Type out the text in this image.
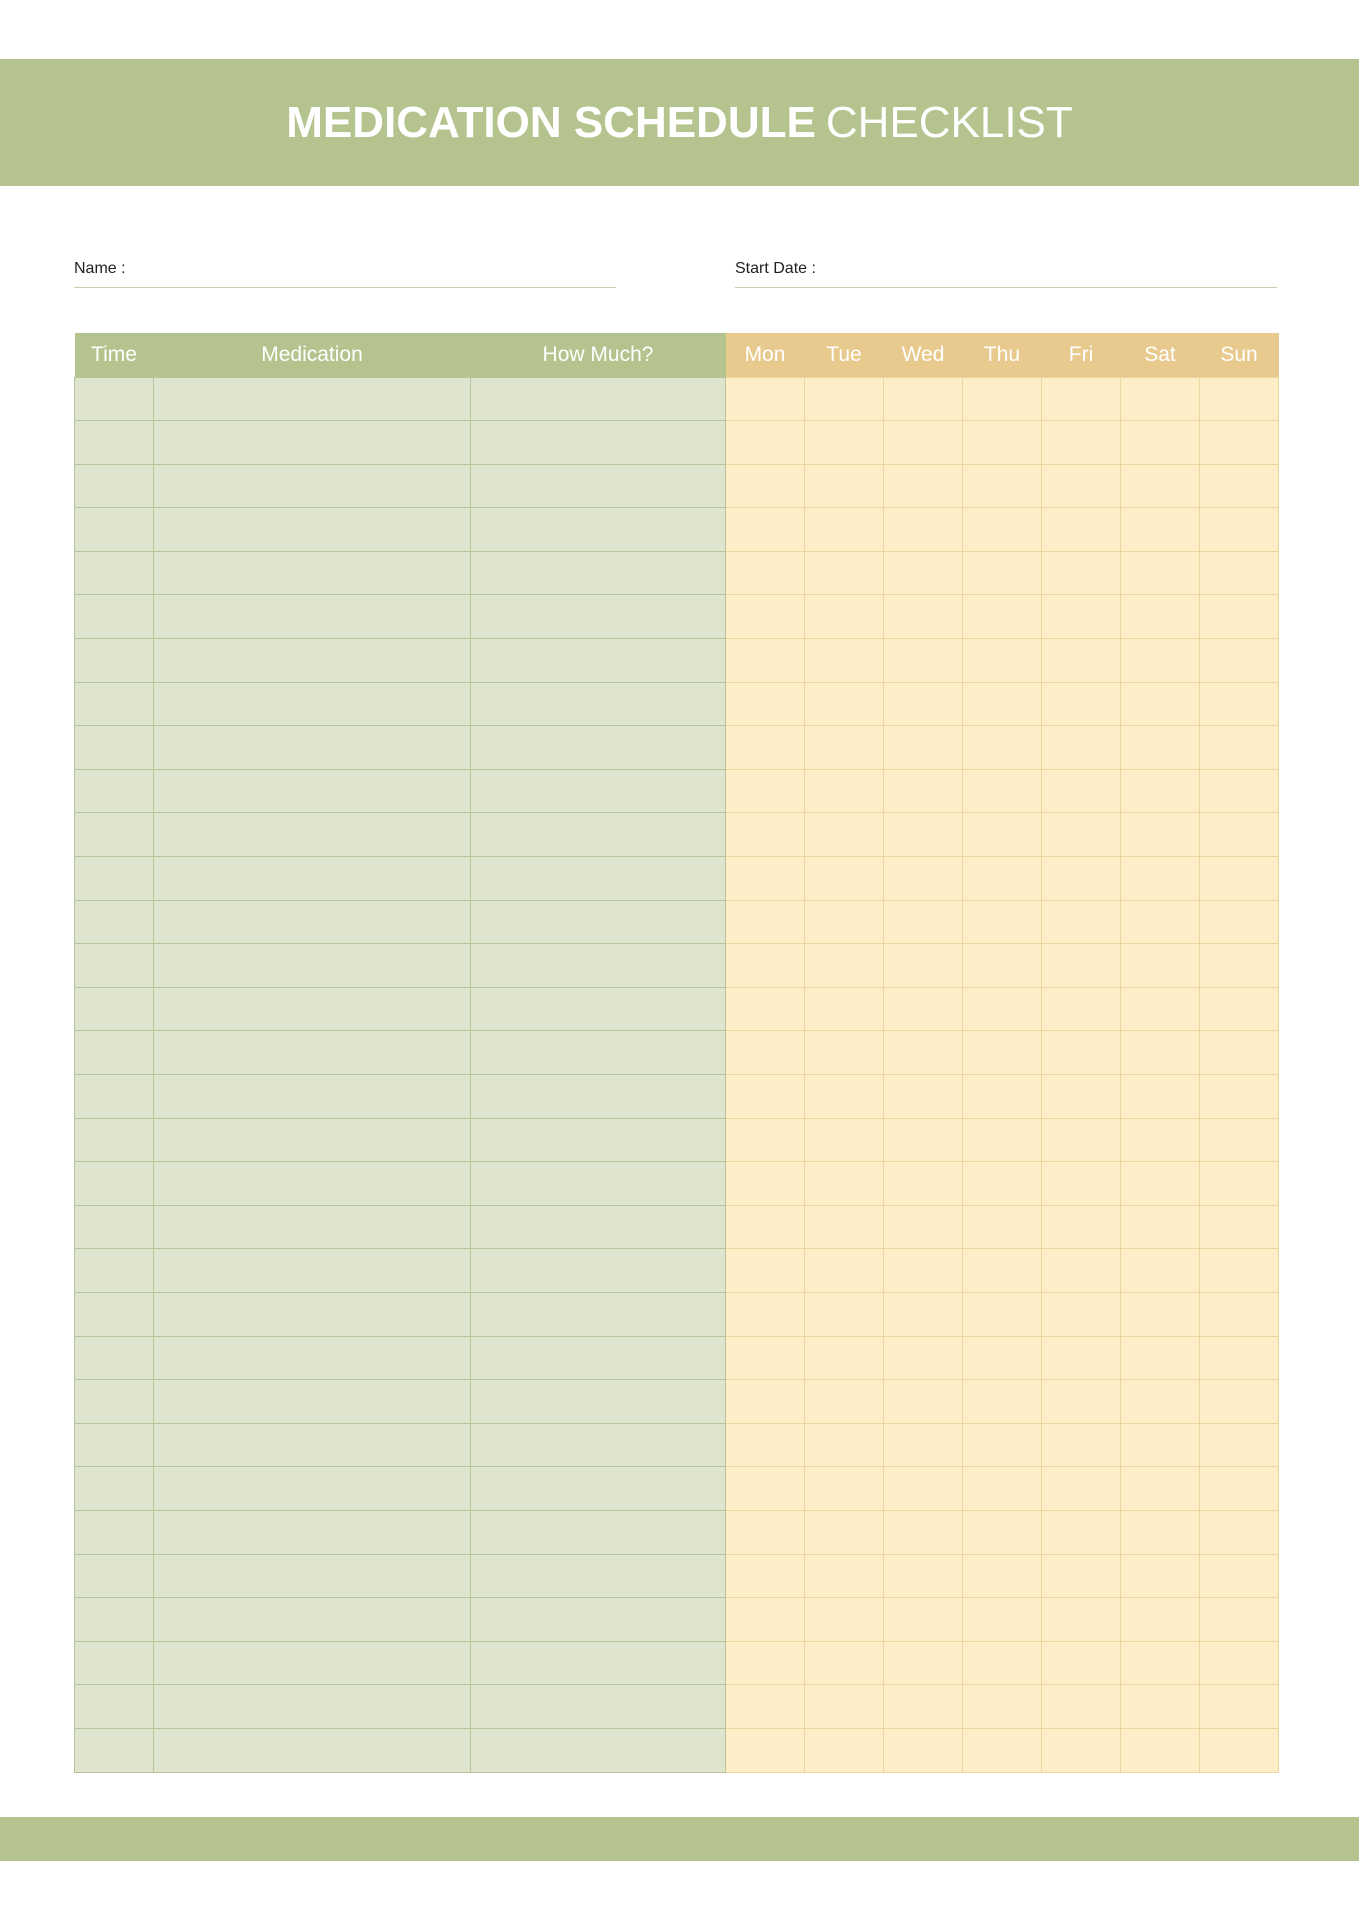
MEDICATION SCHEDULE CHECKLIST
Name :	Start Date :
Time	Medication	How Much?	Mon	Tue	Wed	Thu	Fri	Sat	Sun
